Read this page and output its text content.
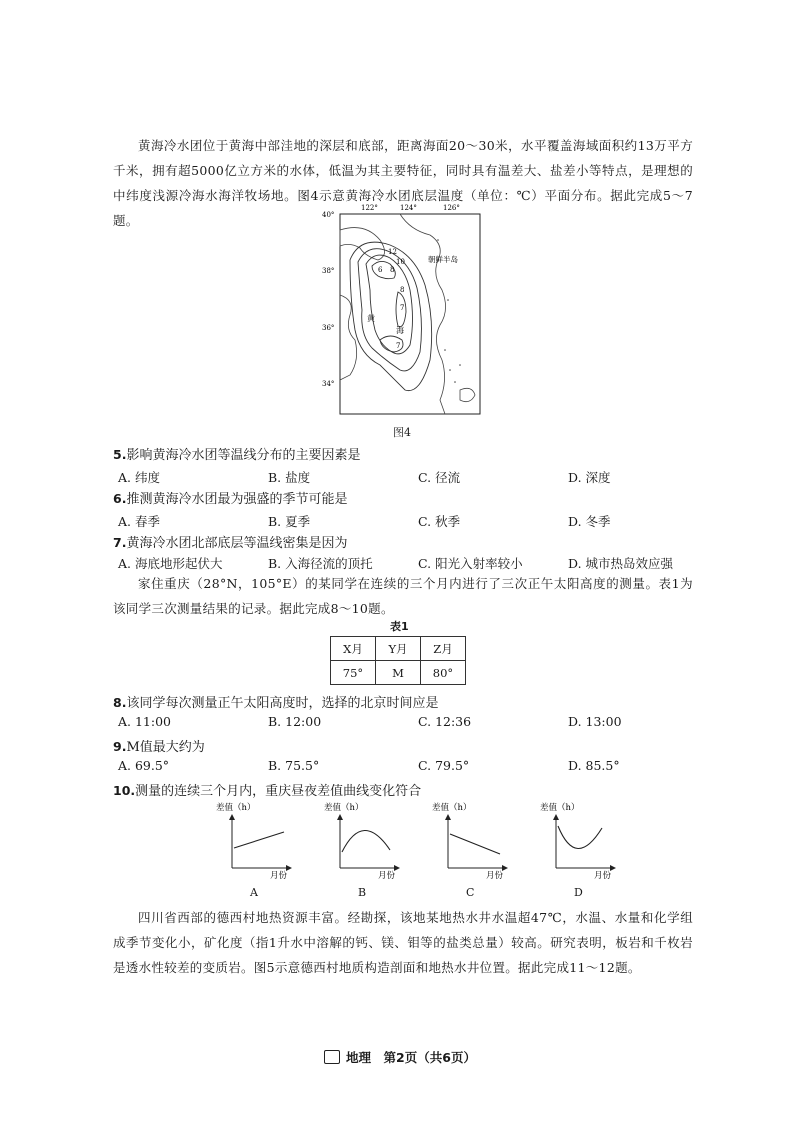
黄海冷水团位于黄海中部洼地的深层和底部，距离海面20～30米，水平覆盖海域面积约13万平方千米，拥有超5000亿立方米的水体，低温为其主要特征，同时具有温差大、盐差小等特点，是理想的中纬度浅源冷海水海洋牧场地。图4示意黄海冷水团底层温度（单位：℃）平面分布。据此完成5～7题。

122°	124°	126°
40°
38°
36°
34°
12
10
8
6
8
7
7
朝鲜半岛
黄
海
图4
5.影响黄海冷水团等温线分布的主要因素是
A. 纬度	B. 盐度	C. 径流	D. 深度
6.推测黄海冷水团最为强盛的季节可能是
A. 春季	B. 夏季	C. 秋季	D. 冬季
7.黄海冷水团北部底层等温线密集是因为
A. 海底地形起伏大	B. 入海径流的顶托	C. 阳光入射率较小	D. 城市热岛效应强

家住重庆（28°N，105°E）的某同学在连续的三个月内进行了三次正午太阳高度的测量。表1为该同学三次测量结果的记录。据此完成8～10题。

表1
X月	Y月	Z月
75°	M	80°
8.该同学每次测量正午太阳高度时，选择的北京时间应是
A. 11:00	B. 12:00	C. 12:36	D. 13:00
9.M值最大约为
A. 69.5°	B. 75.5°	C. 79.5°	D. 85.5°
10.测量的连续三个月内，重庆昼夜差值曲线变化符合
差值（h）
月份
A
差值（h）
月份
B
差值（h）
月份
C
差值（h）
月份
D

四川省西部的德西村地热资源丰富。经勘探，该地某地热水井水温超47℃，水温、水量和化学组成季节变化小，矿化度（指1升水中溶解的钙、镁、钼等的盐类总量）较高。研究表明，板岩和千枚岩是透水性较差的变质岩。图5示意德西村地质构造剖面和地热水井位置。据此完成11～12题。

地理　第2页（共6页）
